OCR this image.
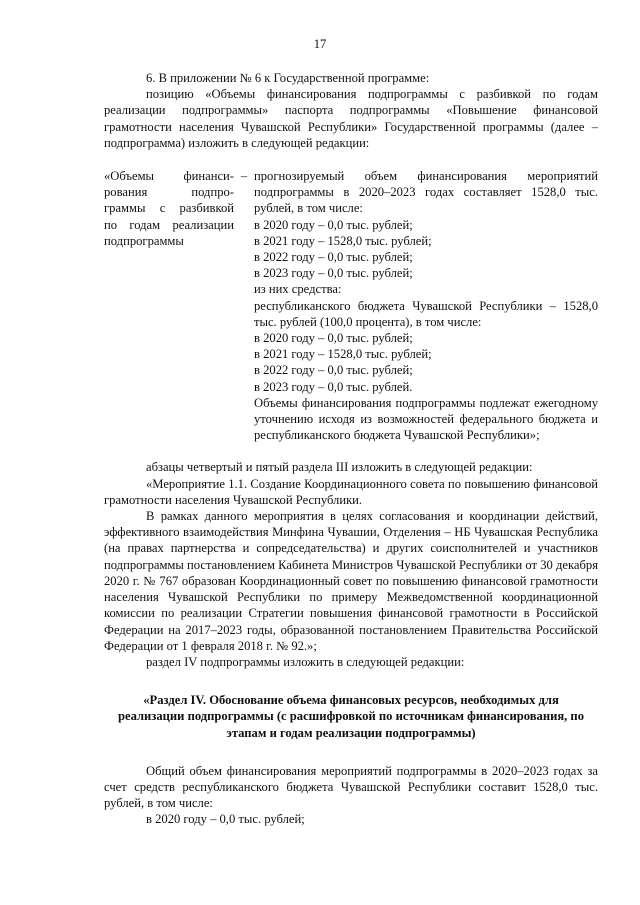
17

6. В приложении № 6 к Государственной программе:

позицию «Объемы финансирования подпрограммы с разбивкой по годам реализации подпрограммы» паспорта подпрограммы «Повышение финансовой грамотности населения Чувашской Республики» Государственной программы (далее – подпрограмма) изложить в следующей редакции:

«Объемы финанси-

рования подпро-

граммы с разбивкой

по годам реализации

подпрограммы

– прогнозируемый объем финансирования мероприятий подпрограммы в 2020–2023 годах составляет 1528,0 тыс. рублей, в том числе:

в 2020 году – 0,0 тыс. рублей;

в 2021 году – 1528,0 тыс. рублей;

в 2022 году – 0,0 тыс. рублей;

в 2023 году – 0,0 тыс. рублей;

из них средства:

республиканского бюджета Чувашской Республики – 1528,0 тыс. рублей (100,0 процента), в том числе:

в 2020 году – 0,0 тыс. рублей;

в 2021 году – 1528,0 тыс. рублей;

в 2022 году – 0,0 тыс. рублей;

в 2023 году – 0,0 тыс. рублей.

Объемы финансирования подпрограммы подлежат ежегодному уточнению исходя из возможностей федерального бюджета и республиканского бюджета Чувашской Республики»;

абзацы четвертый и пятый раздела III изложить в следующей редакции:

«Мероприятие 1.1. Создание Координационного совета по повышению финансовой грамотности населения Чувашской Республики.

В рамках данного мероприятия в целях согласования и координации действий, эффективного взаимодействия Минфина Чувашии, Отделения – НБ Чувашская Республика (на правах партнерства и сопредседательства) и других соисполнителей и участников подпрограммы постановлением Кабинета Министров Чувашской Республики от 30 декабря 2020 г. № 767 образован Координационный совет по повышению финансовой грамотности населения Чувашской Республики по примеру Межведомственной координационной комиссии по реализации Стратегии повышения финансовой грамотности в Российской Федерации на 2017–2023 годы, образованной постановлением Правительства Российской Федерации от 1 февраля 2018 г. № 92.»;

раздел IV подпрограммы изложить в следующей редакции:

«Раздел IV. Обоснование объема финансовых ресурсов, необходимых для реализации подпрограммы (с расшифровкой по источникам финансирования, по этапам и годам реализации подпрограммы)

Общий объем финансирования мероприятий подпрограммы в 2020–2023 годах за счет средств республиканского бюджета Чувашской Республики составит 1528,0 тыс. рублей, в том числе:

в 2020 году – 0,0 тыс. рублей;
